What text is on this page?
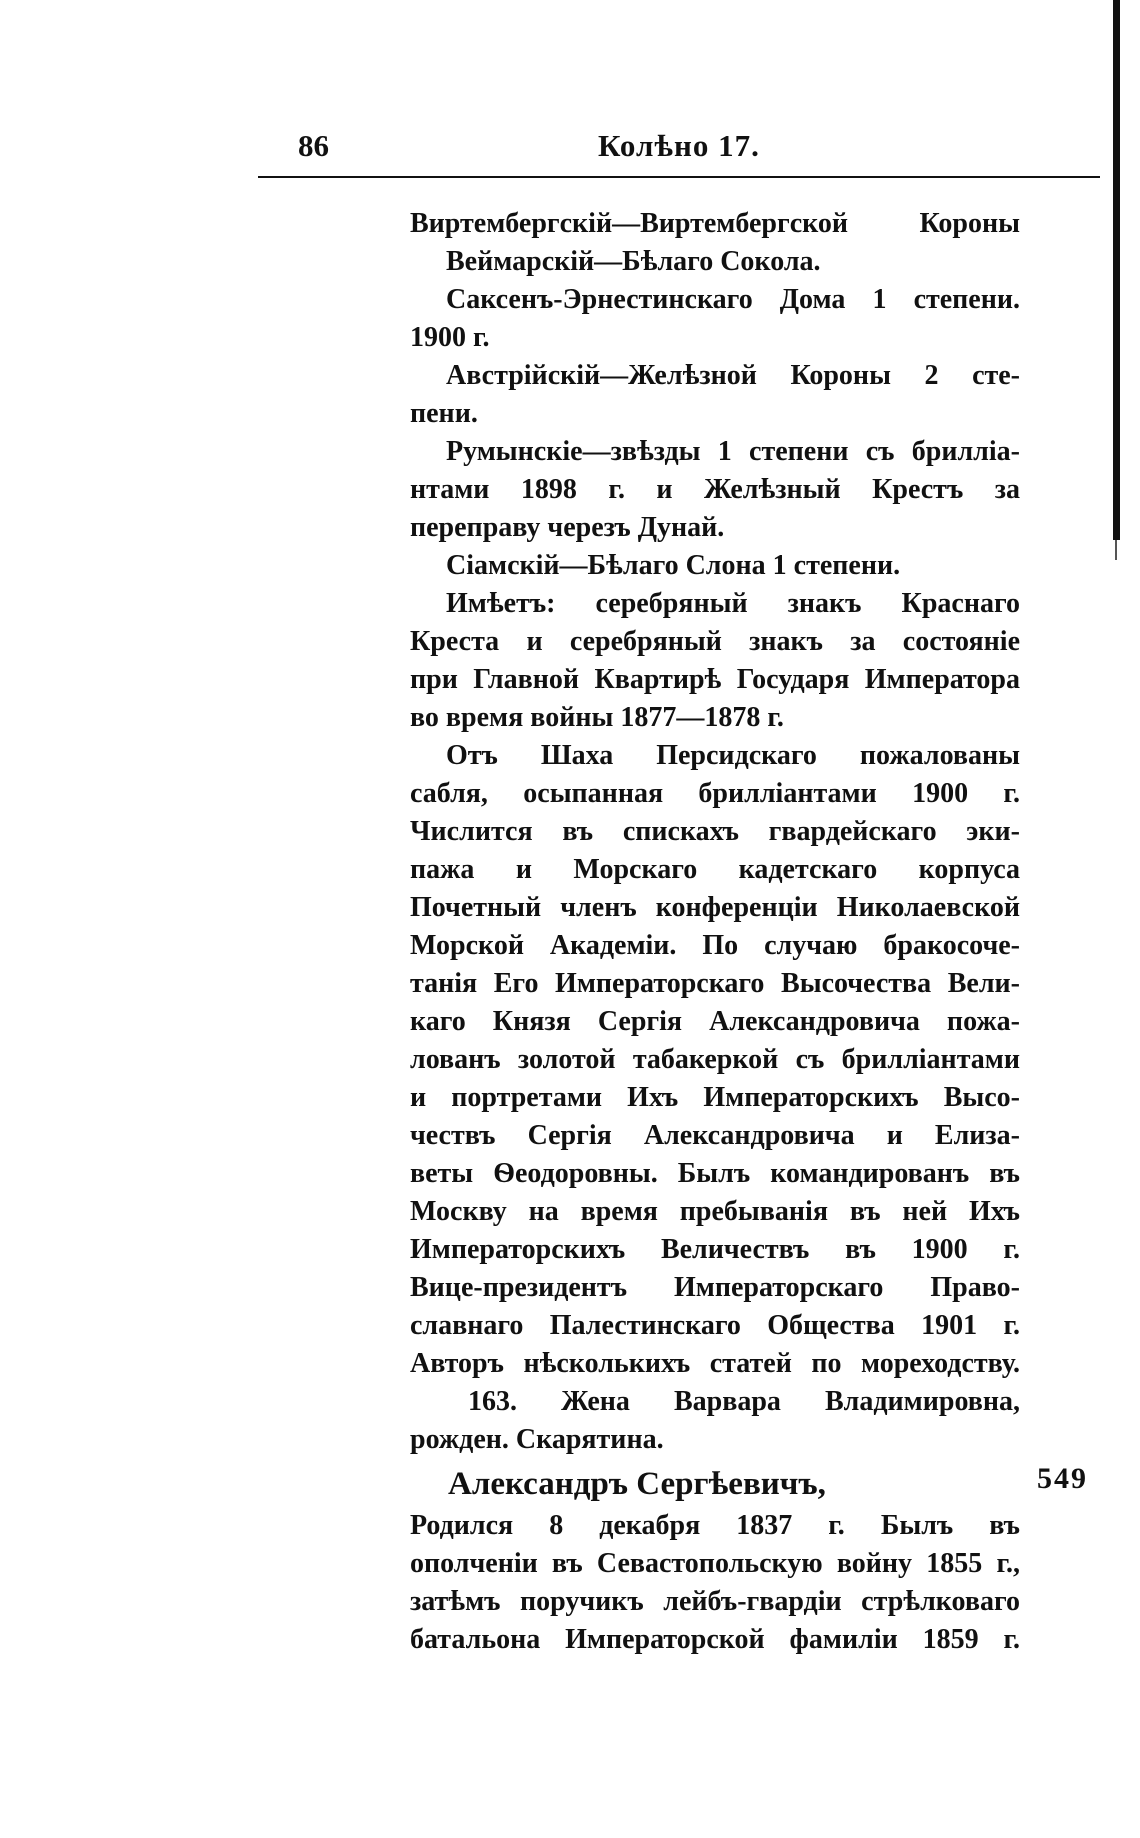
86	Колѣно 17.
Виртембергскій—Виртембергской Короны
Веймарскій—Бѣлаго Сокола.
Саксенъ-Эрнестинскаго Дома 1 степени.
1900 г.
Австрійскій—Желѣзной Короны 2 сте-
пени.
Румынскіе—звѣзды 1 степени съ брилліа-
нтами 1898 г. и Желѣзный Крестъ за
переправу черезъ Дунай.
Сіамскій—Бѣлаго Слона 1 степени.
Имѣетъ: серебряный знакъ Краснаго
Креста и серебряный знакъ за состояніе
при Главной Квартирѣ Государя Императора
во время войны 1877—1878 г.
Отъ Шаха Персидскаго пожалованы
сабля, осыпанная брилліантами 1900 г.
Числится въ спискахъ гвардейскаго эки-
пажа и Морскаго кадетскаго корпуса
Почетный членъ конференціи Николаевской
Морской Академіи. По случаю бракосоче-
танія Его Императорскаго Высочества Вели-
каго Князя Сергія Александровича пожа-
лованъ золотой табакеркой съ брилліантами
и портретами Ихъ Императорскихъ Высо-
чествъ Сергія Александровича и Елиза-
веты Ѳеодоровны. Былъ командированъ въ
Москву на время пребыванія въ ней Ихъ
Императорскихъ Величествъ въ 1900 г.
Вице-президентъ Императорскаго Право-
славнаго Палестинскаго Общества 1901 г.
Авторъ нѣсколькихъ статей по мореходству.
163. Жена Варвара Владимировна,
рожден. Скарятина.
Александръ Сергѣевичъ,
Родился 8 декабря 1837 г. Былъ въ
ополченіи въ Севастопольскую войну 1855 г.,
затѣмъ поручикъ лейбъ-гвардіи стрѣлковаго
батальона Императорской фамиліи 1859 г.
549
